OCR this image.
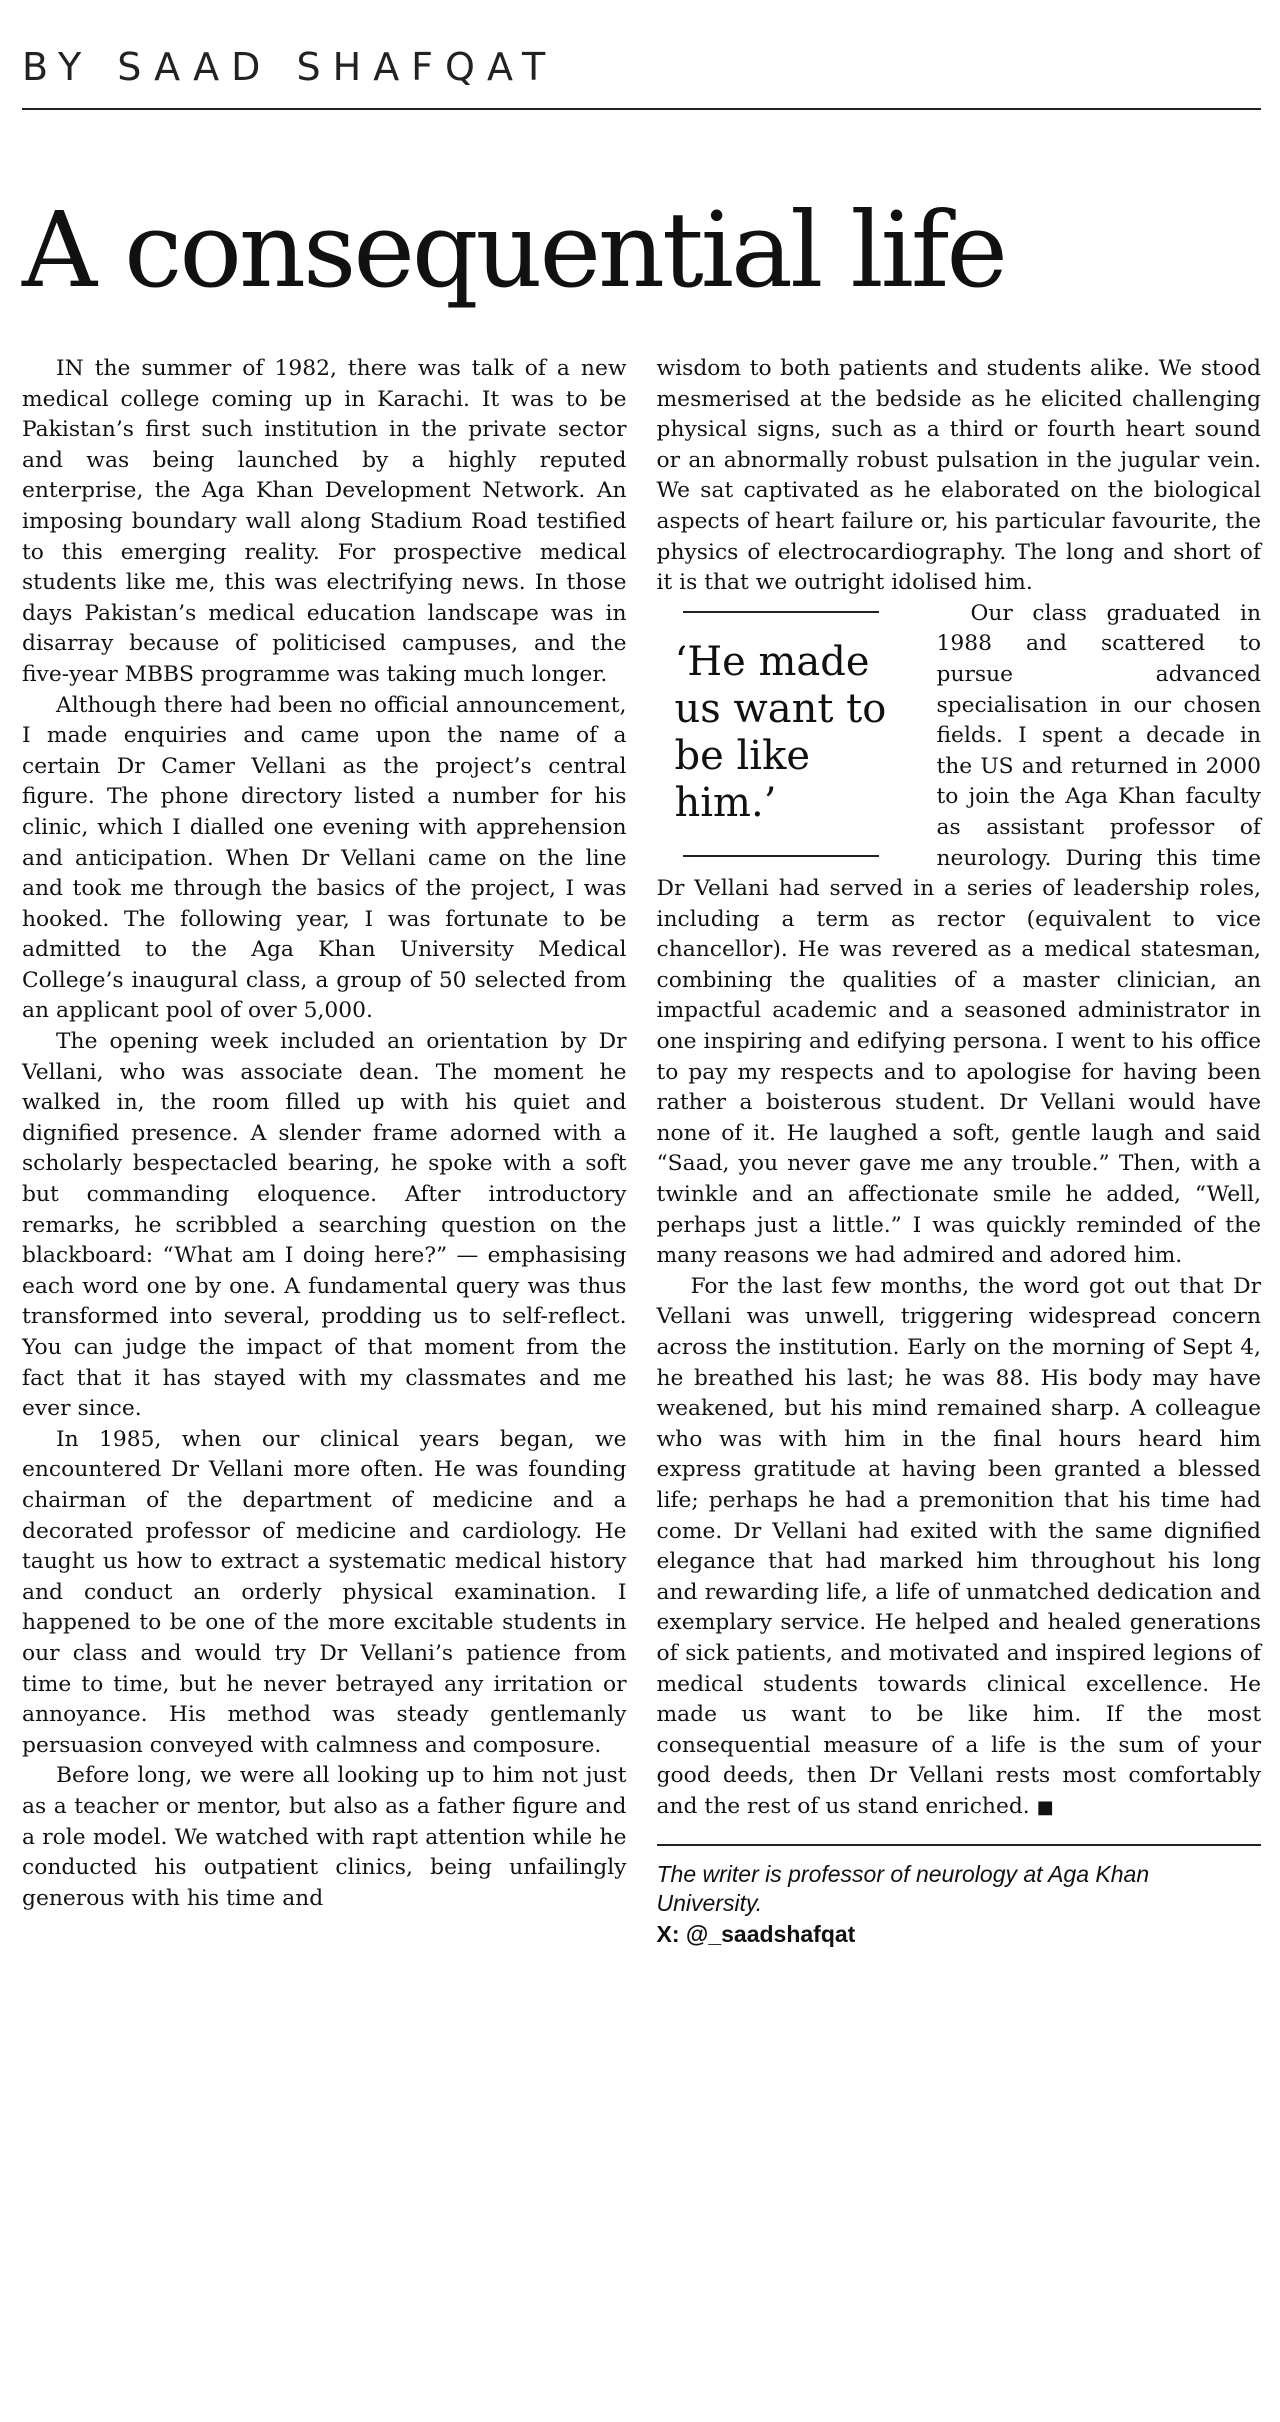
BY SAAD SHAFQAT
A consequential life

IN the summer of 1982, there was talk of a new medical college coming up in Karachi. It was to be Pakistan’s first such institution in the private sector and was being launched by a highly reputed enterprise, the Aga Khan Development Network. An imposing boundary wall along Stadium Road testified to this emerging reality. For prospective medical students like me, this was electrifying news. In those days Pakistan’s medical education landscape was in disarray because of politicised campuses, and the five-year MBBS programme was taking much longer.

Although there had been no official announcement, I made enquiries and came upon the name of a certain Dr Camer Vellani as the project’s central figure. The phone directory listed a number for his clinic, which I dialled one evening with apprehension and anticipation. When Dr Vellani came on the line and took me through the basics of the project, I was hooked. The following year, I was fortunate to be admitted to the Aga Khan University Medical College’s inaugural class, a group of 50 selected from an applicant pool of over 5,000.

The opening week included an orientation by Dr Vellani, who was associate dean. The moment he walked in, the room filled up with his quiet and dignified presence. A slender frame adorned with a scholarly bespectacled bearing, he spoke with a soft but commanding eloquence. After introductory remarks, he scribbled a searching question on the blackboard: “What am I doing here?” — emphasising each word one by one. A fundamental query was thus transformed into several, prodding us to self-reflect. You can judge the impact of that moment from the fact that it has stayed with my classmates and me ever since.

In 1985, when our clinical years began, we encountered Dr Vellani more often. He was founding chairman of the department of medicine and a decorated professor of medicine and cardiology. He taught us how to extract a systematic medical history and conduct an orderly physical examination. I happened to be one of the more excitable students in our class and would try Dr Vellani’s patience from time to time, but he never betrayed any irritation or annoyance. His method was steady gentlemanly persuasion conveyed with calmness and composure.

Before long, we were all looking up to him not just as a teacher or mentor, but also as a father figure and a role model. We watched with rapt attention while he conducted his outpatient clinics, being unfailingly generous with his time and

wisdom to both patients and students alike. We stood mesmerised at the bedside as he elicited challenging physical signs, such as a third or fourth heart sound or an abnormally robust pulsation in the jugular vein. We sat captivated as he elaborated on the biological aspects of heart failure or, his particular favourite, the physics of electrocardiography. The long and short of it is that we outright idolised him.

‘He made us want to be like him.’

Our class graduated in 1988 and scattered to pursue advanced specialisation in our chosen fields. I spent a decade in the US and returned in 2000 to join the Aga Khan faculty as assistant professor of neurology. During this time Dr Vellani had served in a series of leadership roles, including a term as rector (equivalent to vice chancellor). He was revered as a medical statesman, combining the qualities of a master clinician, an impactful academic and a seasoned administrator in one inspiring and edifying persona. I went to his office to pay my respects and to apologise for having been rather a boisterous student. Dr Vellani would have none of it. He laughed a soft, gentle laugh and said “Saad, you never gave me any trouble.” Then, with a twinkle and an affectionate smile he added, “Well, perhaps just a little.” I was quickly reminded of the many reasons we had admired and adored him.

For the last few months, the word got out that Dr Vellani was unwell, triggering widespread concern across the institution. Early on the morning of Sept 4, he breathed his last; he was 88. His body may have weakened, but his mind remained sharp. A colleague who was with him in the final hours heard him express gratitude at having been granted a blessed life; perhaps he had a premonition that his time had come. Dr Vellani had exited with the same dignified elegance that had marked him throughout his long and rewarding life, a life of unmatched dedication and exemplary service. He helped and healed generations of sick patients, and motivated and inspired legions of medical students towards clinical excellence. He made us want to be like him. If the most consequential measure of a life is the sum of your good deeds, then Dr Vellani rests most comfortably and the rest of us stand enriched. ■

The writer is professor of neurology at Aga Khan University.
X: @_saadshafqat
